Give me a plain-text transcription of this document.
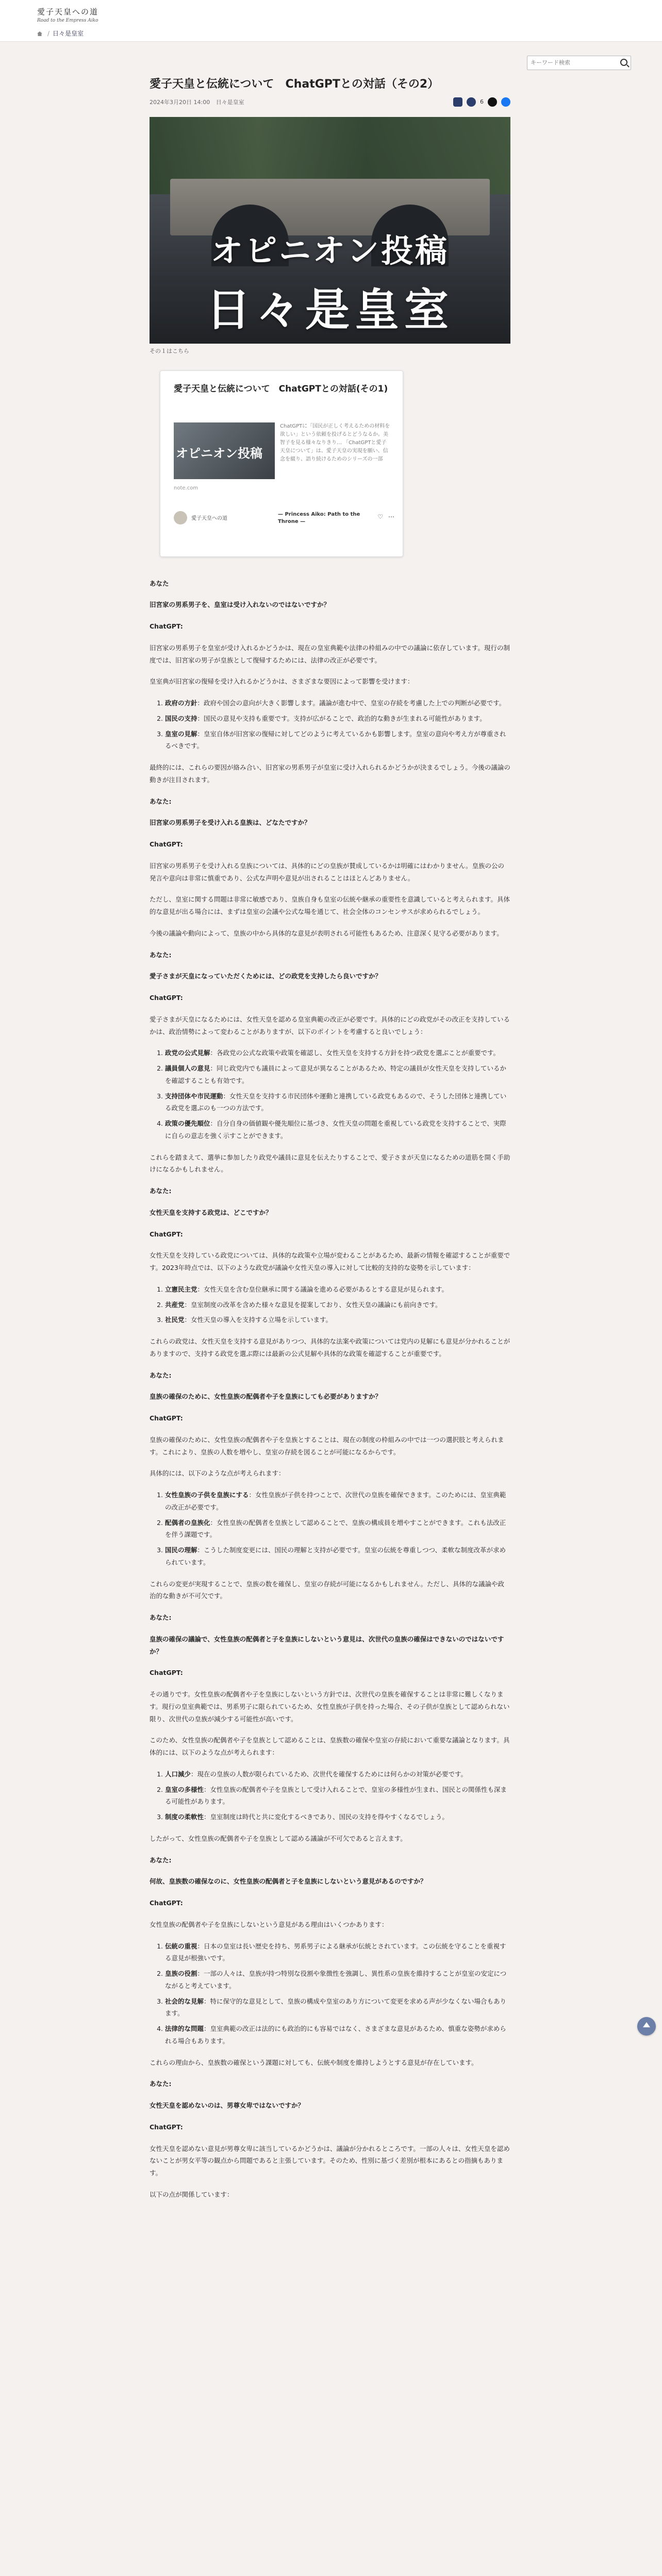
愛子天皇への道
Road to the Empress Aiko
/ 日々是皇室
キーワード検索
愛子天皇と伝統について　ChatGPTとの対話（その2）
2024年3月20日 14:00 日々是皇室	6
オピニオン投稿
日々是皇室
その１はこちら
愛子天皇と伝統について　ChatGPTとの対話(その1)
オピニオン投稿
ChatGPTに「国民が正しく考えるための材料を欲しい」という依頼を投げるとどうなるか。美智子を見る様々なりきり… 「ChatGPTと愛子天皇について」は、愛子天皇の実現を願い、信念を綴り、語り続けるためのシリーズの一部
note.com
愛子天皇への道
— Princess Aiko: Path to the Throne —
♡ ⋯

あなた

旧宮家の男系男子を、皇室は受け入れないのではないですか？

ChatGPT:

旧宮家の男系男子を皇室が受け入れるかどうかは、現在の皇室典範や法律の枠組みの中での議論に依存しています。現行の制度では、旧宮家の男子が皇族として復帰するためには、法律の改正が必要です。

皇室典が旧宮家の復帰を受け入れるかどうかは、さまざまな要因によって影響を受けます：

1. 政府の方針：政府や国会の意向が大きく影響します。議論が進む中で、皇室の存続を考慮した上での判断が必要です。
2. 国民の支持：国民の意見や支持も重要です。支持が広がることで、政治的な動きが生まれる可能性があります。
3. 皇室の見解：皇室自体が旧宮家の復帰に対してどのように考えているかも影響します。皇室の意向や考え方が尊重されるべきです。

最終的には、これらの要因が絡み合い、旧宮家の男系男子が皇室に受け入れられるかどうかが決まるでしょう。今後の議論の動きが注目されます。

あなた:

旧宮家の男系男子を受け入れる皇族は、どなたですか？

ChatGPT:

旧宮家の男系男子を受け入れる皇族については、具体的にどの皇族が賛成しているかは明確にはわかりません。皇族の公の発言や意向は非常に慎重であり、公式な声明や意見が出されることはほとんどありません。

ただし、皇室に関する問題は非常に敏感であり、皇族自身も皇室の伝統や継承の重要性を意識していると考えられます。具体的な意見が出る場合には、まずは皇室の会議や公式な場を通じて、社会全体のコンセンサスが求められるでしょう。

今後の議論や動向によって、皇族の中から具体的な意見が表明される可能性もあるため、注意深く見守る必要があります。

あなた:

愛子さまが天皇になっていただくためには、どの政党を支持したら良いですか？

ChatGPT:

愛子さまが天皇になるためには、女性天皇を認める皇室典範の改正が必要です。具体的にどの政党がその改正を支持しているかは、政治情勢によって変わることがありますが、以下のポイントを考慮すると良いでしょう：

1. 政党の公式見解：各政党の公式な政策や政策を確認し、女性天皇を支持する方針を持つ政党を選ぶことが重要です。
2. 議員個人の意見：同じ政党内でも議員によって意見が異なることがあるため、特定の議員が女性天皇を支持しているかを確認することも有効です。
3. 支持団体や市民運動：女性天皇を支持する市民団体や運動と連携している政党もあるので、そうした団体と連携している政党を選ぶのも一つの方法です。
4. 政策の優先順位：自分自身の価値観や優先順位に基づき、女性天皇の問題を重視している政党を支持することで、実際に自らの意志を強く示すことができます。

これらを踏まえて、選挙に参加したり政党や議員に意見を伝えたりすることで、愛子さまが天皇になるための道筋を開く手助けになるかもしれません。

あなた:

女性天皇を支持する政党は、どこですか？

ChatGPT:

女性天皇を支持している政党については、具体的な政策や立場が変わることがあるため、最新の情報を確認することが重要です。2023年時点では、以下のような政党が議論や女性天皇の導入に対して比較的支持的な姿勢を示しています：

1. 立憲民主党：女性天皇を含む皇位継承に関する議論を進める必要があるとする意見が見られます。
2. 共産党：皇室制度の改革を含めた様々な意見を提案しており、女性天皇の議論にも前向きです。
3. 社民党：女性天皇の導入を支持する立場を示しています。

これらの政党は、女性天皇を支持する意見がありつつ、具体的な法案や政策については党内の見解にも意見が分かれることがありますので、支持する政党を選ぶ際には最新の公式見解や具体的な政策を確認することが重要です。

あなた:

皇族の確保のために、女性皇族の配偶者や子を皇族にしても必要がありますか？

ChatGPT:

皇族の確保のために、女性皇族の配偶者や子を皇族とすることは、現在の制度の枠組みの中では一つの選択肢と考えられます。これにより、皇族の人数を増やし、皇室の存続を図ることが可能になるからです。

具体的には、以下のような点が考えられます：

1. 女性皇族の子供を皇族にする：女性皇族が子供を持つことで、次世代の皇族を確保できます。このためには、皇室典範の改正が必要です。
2. 配偶者の皇族化：女性皇族の配偶者を皇族として認めることで、皇族の構成員を増やすことができます。これも法改正を伴う課題です。
3. 国民の理解：こうした制度変更には、国民の理解と支持が必要です。皇室の伝統を尊重しつつ、柔軟な制度改革が求められています。

これらの変更が実現することで、皇族の数を確保し、皇室の存続が可能になるかもしれません。ただし、具体的な議論や政治的な動きが不可欠です。

あなた:

皇族の確保の議論で、女性皇族の配偶者と子を皇族にしないという意見は、次世代の皇族の確保はできないのではないですか？

ChatGPT:

その通りです。女性皇族の配偶者や子を皇族にしないという方針では、次世代の皇族を確保することは非常に難しくなります。現行の皇室典範では、男系男子に限られているため、女性皇族が子供を持った場合、その子供が皇族として認められない限り、次世代の皇族が減少する可能性が高いです。

このため、女性皇族の配偶者や子を皇族として認めることは、皇族数の確保や皇室の存続において重要な議論となります。具体的には、以下のような点が考えられます：

1. 人口減少：現在の皇族の人数が限られているため、次世代を確保するためには何らかの対策が必要です。
2. 皇室の多様性：女性皇族の配偶者や子を皇族として受け入れることで、皇室の多様性が生まれ、国民との関係性も深まる可能性があります。
3. 制度の柔軟性：皇室制度は時代と共に変化するべきであり、国民の支持を得やすくなるでしょう。

したがって、女性皇族の配偶者や子を皇族として認める議論が不可欠であると言えます。

あなた:

何故、皇族数の確保なのに、女性皇族の配偶者と子を皇族にしないという意見があるのですか？

ChatGPT:

女性皇族の配偶者や子を皇族にしないという意見がある理由はいくつかあります：

1. 伝統の重視：日本の皇室は長い歴史を持ち、男系男子による継承が伝統とされています。この伝統を守ることを重視する意見が根強いです。
2. 皇族の役割：一部の人々は、皇族が持つ特別な役割や象徴性を強調し、異性系の皇族を維持することが皇室の安定につながると考えています。
3. 社会的な見解：特に保守的な意見として、皇族の構成や皇室のあり方について変更を求める声が少なくない場合もあります。
4. 法律的な問題：皇室典範の改正は法的にも政治的にも容易ではなく、さまざまな意見があるため、慎重な姿勢が求められる場合もあります。

これらの理由から、皇族数の確保という課題に対しても、伝統や制度を維持しようとする意見が存在しています。

あなた:

女性天皇を認めないのは、男尊女卑ではないですか？

ChatGPT:

女性天皇を認めない意見が男尊女卑に該当しているかどうかは、議論が分かれるところです。一部の人々は、女性天皇を認めないことが男女平等の観点から問題であると主張しています。そのため、性別に基づく差別が根本にあるとの指摘もあります。

以下の点が関係しています：
